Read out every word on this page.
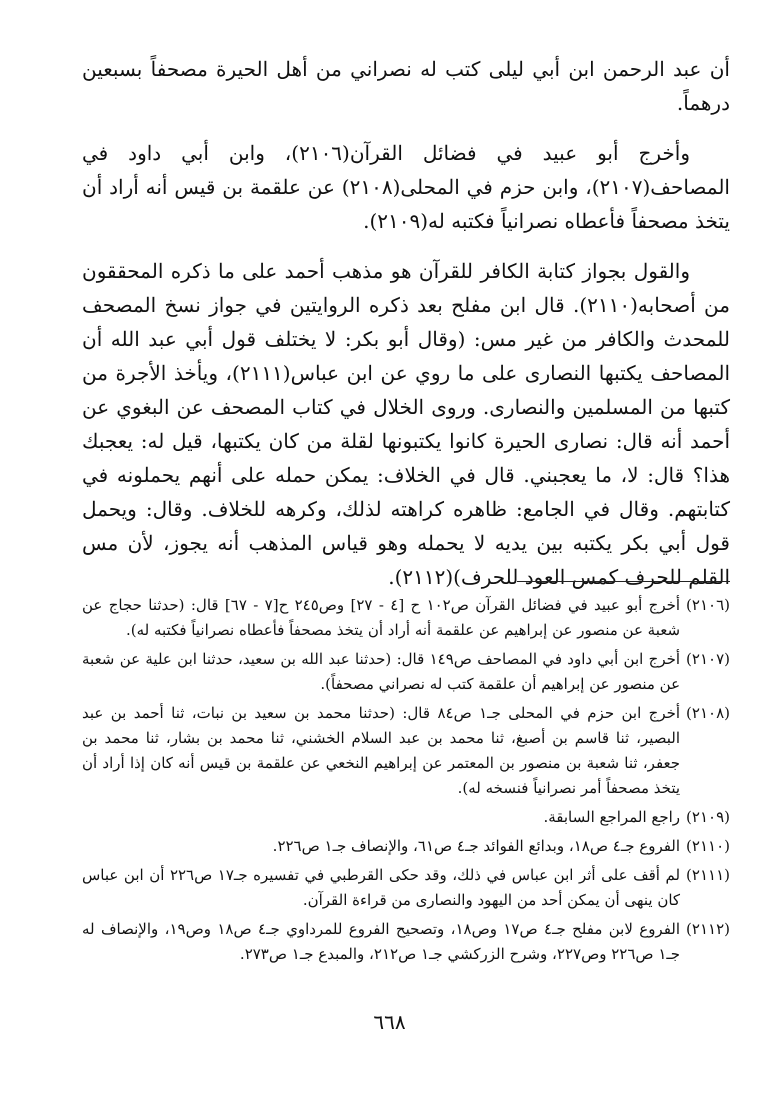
أن عبد الرحمن ابن أبي ليلى كتب له نصراني من أهل الحيرة مصحفاً بسبعين درهماً.

وأخرج أبو عبيد في فضائل القرآن(٢١٠٦)، وابن أبي داود في المصاحف(٢١٠٧)، وابن حزم في المحلى(٢١٠٨) عن علقمة بن قيس أنه أراد أن يتخذ مصحفاً فأعطاه نصرانياً فكتبه له(٢١٠٩).

والقول بجواز كتابة الكافر للقرآن هو مذهب أحمد على ما ذكره المحققون من أصحابه(٢١١٠). قال ابن مفلح بعد ذكره الروايتين في جواز نسخ المصحف للمحدث والكافر من غير مس: (وقال أبو بكر: لا يختلف قول أبي عبد الله أن المصاحف يكتبها النصارى على ما روي عن ابن عباس(٢١١١)، ويأخذ الأجرة من كتبها من المسلمين والنصارى. وروى الخلال في كتاب المصحف عن البغوي عن أحمد أنه قال: نصارى الحيرة كانوا يكتبونها لقلة من كان يكتبها، قيل له: يعجبك هذا؟ قال: لا، ما يعجبني. قال في الخلاف: يمكن حمله على أنهم يحملونه في كتابتهم. وقال في الجامع: ظاهره كراهته لذلك، وكرهه للخلاف. وقال: ويحمل قول أبي بكر يكتبه بين يديه لا يحمله وهو قياس المذهب أنه يجوز، لأن مس القلم للحرف كمس العود للحرف)(٢١١٢).

(٢١٠٦)
أخرج أبو عبيد في فضائل القرآن ص١٠٢ ح [٤ - ٢٧] وص٢٤٥ ح[٧ - ٦٧] قال: (حدثنا حجاج عن شعبة عن منصور عن إبراهيم عن علقمة أنه أراد أن يتخذ مصحفاً فأعطاه نصرانياً فكتبه له).
(٢١٠٧)
أخرج ابن أبي داود في المصاحف ص١٤٩ قال: (حدثنا عبد الله بن سعيد، حدثنا ابن علية عن شعبة عن منصور عن إبراهيم أن علقمة كتب له نصراني مصحفاً).
(٢١٠٨)
أخرج ابن حزم في المحلى جـ١ ص٨٤ قال: (حدثنا محمد بن سعيد بن نبات، ثنا أحمد بن عبد البصير، ثنا قاسم بن أصبغ، ثنا محمد بن عبد السلام الخشني، ثنا محمد بن بشار، ثنا محمد بن جعفر، ثنا شعبة بن منصور بن المعتمر عن إبراهيم النخعي عن علقمة بن قيس أنه كان إذا أراد أن يتخذ مصحفاً أمر نصرانياً فنسخه له).
(٢١٠٩)
راجع المراجع السابقة.
(٢١١٠)
الفروع جـ٤ ص١٨، وبدائع الفوائد جـ٤ ص٦١، والإنصاف جـ١ ص٢٢٦.
(٢١١١)
لم أقف على أثر ابن عباس في ذلك، وقد حكى القرطبي في تفسيره جـ١٧ ص٢٢٦ أن ابن عباس كان ينهى أن يمكن أحد من اليهود والنصارى من قراءة القرآن.
(٢١١٢)
الفروع لابن مفلح جـ٤ ص١٧ وص١٨، وتصحيح الفروع للمرداوي جـ٤ ص١٨ وص١٩، والإنصاف له جـ١ ص٢٢٦ وص٢٢٧، وشرح الزركشي جـ١ ص٢١٢، والمبدع جـ١ ص٢٧٣.
٦٦٨
